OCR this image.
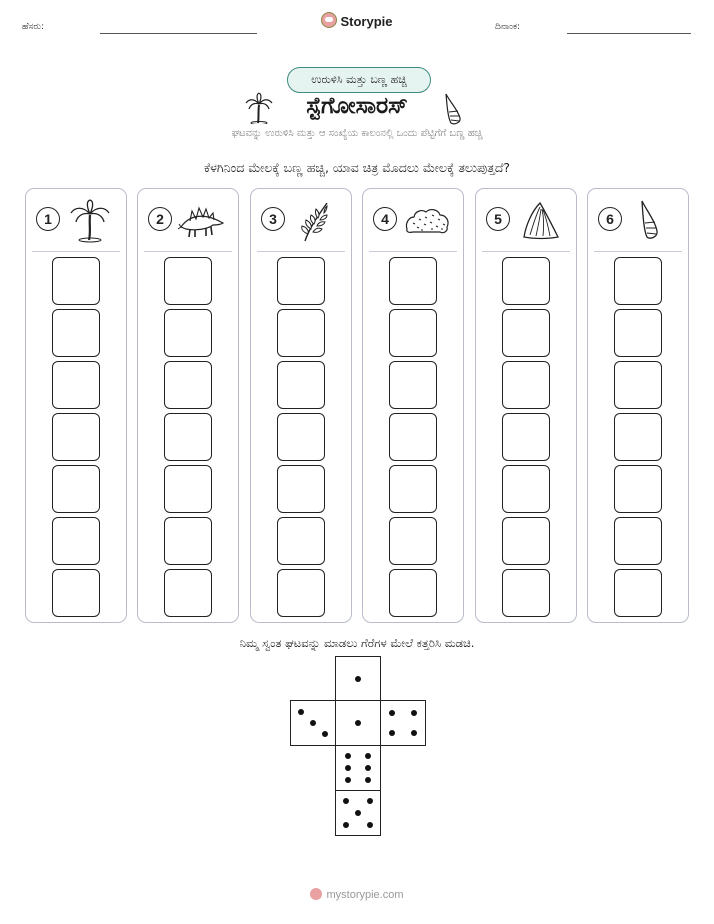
ಹೆಸರು:	Storypie	ದಿನಾಂಕ:
ಉರುಳಿಸಿ ಮತ್ತು ಬಣ್ಣ ಹಚ್ಚಿ
ಸ್ಟೆಗೋಸಾರಸ್
ಘಟವನ್ನು ಉರುಳಿಸಿ ಮತ್ತು ಆ ಸಂಖ್ಯೆಯ ಕಾಲಂನಲ್ಲಿ ಒಂದು ಪೆಟ್ಟಿಗೆಗೆ ಬಣ್ಣ ಹಚ್ಚಿ
ಕೆಳಗಿನಿಂದ ಮೇಲಕ್ಕೆ ಬಣ್ಣ ಹಚ್ಚಿ, ಯಾವ ಚಿತ್ರ ಮೊದಲು ಮೇಲಕ್ಕೆ ತಲುಪುತ್ತದೆ?
1	2	3	4	5	6
ನಿಮ್ಮ ಸ್ವಂತ ಘಟವನ್ನು ಮಾಡಲು ಗೆರೆಗಳ ಮೇಲೆ ಕತ್ತರಿಸಿ ಮಡಚಿ.
mystorypie.com
